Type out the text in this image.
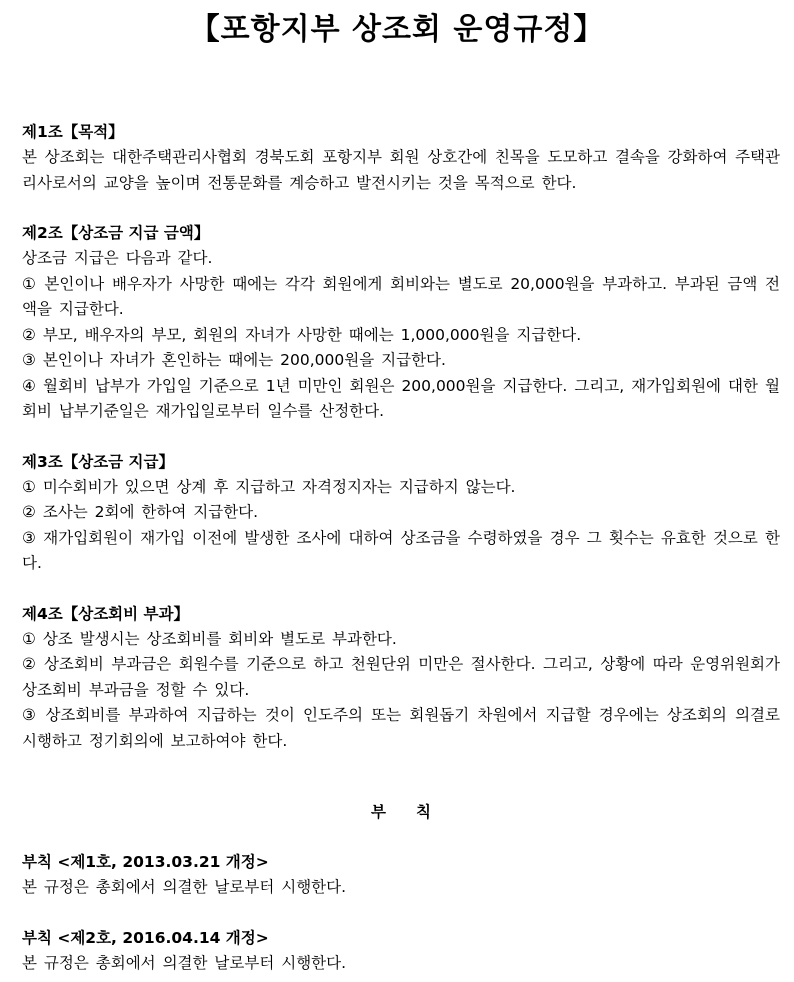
【포항지부 상조회 운영규정】
제1조【목적】
본 상조회는 대한주택관리사협회 경북도회 포항지부 회원 상호간에 친목을 도모하고 결속을 강화하여 주택관리사로서의 교양을 높이며 전통문화를 계승하고 발전시키는 것을 목적으로 한다.
제2조【상조금 지급 금액】
상조금 지급은 다음과 같다.
① 본인이나 배우자가 사망한 때에는 각각 회원에게 회비와는 별도로 20,000원을 부과하고. 부과된 금액 전액을 지급한다.
② 부모, 배우자의 부모, 회원의 자녀가 사망한 때에는 1,000,000원을 지급한다.
③ 본인이나 자녀가 혼인하는 때에는 200,000원을 지급한다.
④ 월회비 납부가 가입일 기준으로 1년 미만인 회원은 200,000원을 지급한다. 그리고, 재가입회원에 대한 월회비 납부기준일은 재가입일로부터 일수를 산정한다.
제3조【상조금 지급】
① 미수회비가 있으면 상계 후 지급하고 자격정지자는 지급하지 않는다.
② 조사는 2회에 한하여 지급한다.
③ 재가입회원이 재가입 이전에 발생한 조사에 대하여 상조금을 수령하였을 경우 그 횟수는 유효한 것으로 한다.
제4조【상조회비 부과】
① 상조 발생시는 상조회비를 회비와 별도로 부과한다.
② 상조회비 부과금은 회원수를 기준으로 하고 천원단위 미만은 절사한다. 그리고, 상황에 따라 운영위원회가 상조회비 부과금을 정할 수 있다.
③ 상조회비를 부과하여 지급하는 것이 인도주의 또는 회원돕기 차원에서 지급할 경우에는 상조회의 의결로 시행하고 정기회의에 보고하여야 한다.
부칙
부칙 <제1호, 2013.03.21 개정>
본 규정은 총회에서 의결한 날로부터 시행한다.
부칙 <제2호, 2016.04.14 개정>
본 규정은 총회에서 의결한 날로부터 시행한다.
